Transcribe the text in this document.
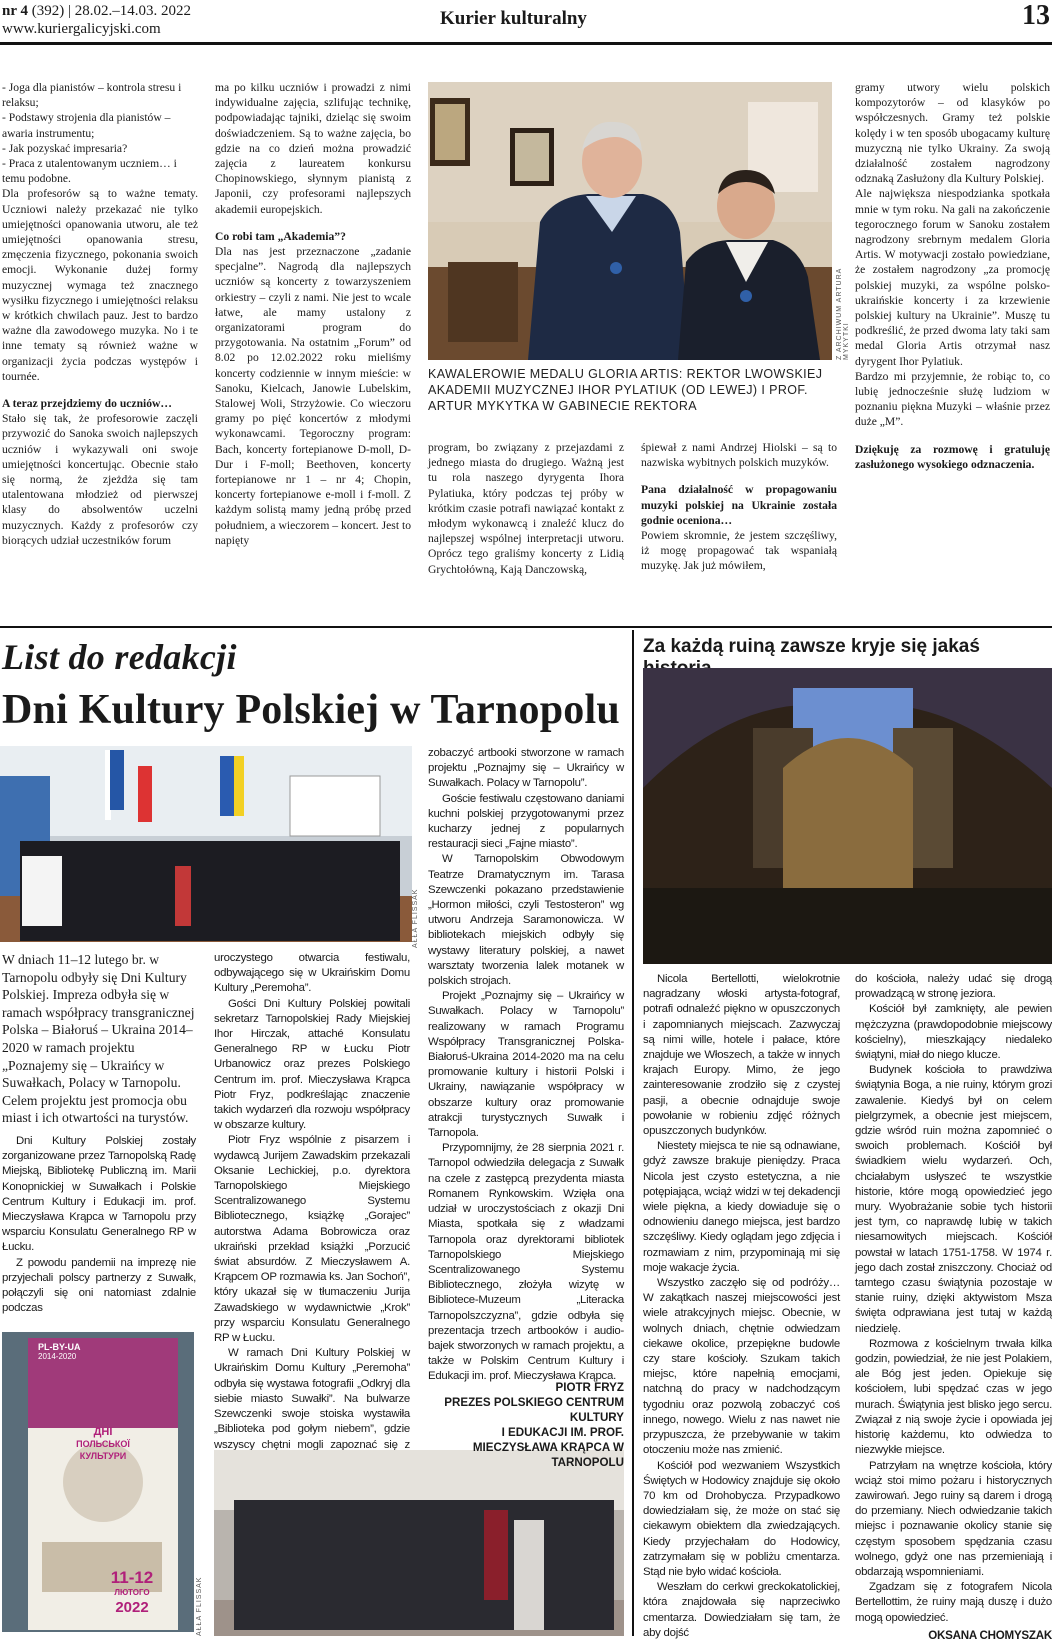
nr 4 (392) | 28.02.–14.03. 2022
www.kuriergalicyjski.com	Kurier kulturalny	13

- Joga dla pianistów – kontrola stresu i relaksu;

- Podstawy strojenia dla pianistów – awaria instrumentu;

- Jak pozyskać impresaria?

- Praca z utalentowanym uczniem… i temu podobne.

Dla profesorów są to ważne tematy. Uczniowi należy przekazać nie tylko umiejętności opanowania utworu, ale też umiejętności opanowania stresu, zmęczenia fizycznego, pokonania swoich emocji. Wykonanie dużej formy muzycznej wymaga też znacznego wysiłku fizycznego i umiejętności relaksu w krótkich chwilach pauz. Jest to bardzo ważne dla zawodowego muzyka. No i te inne tematy są również ważne w organizacji życia podczas występów i tournée.

A teraz przejdziemy do uczniów…

Stało się tak, że profesorowie zaczęli przywozić do Sanoka swoich najlepszych uczniów i wykazywali oni swoje umiejętności koncertując. Obecnie stało się normą, że zjeżdża się tam utalentowana młodzież od pierwszej klasy do absolwentów uczelni muzycznych. Każdy z profesorów czy biorących udział uczestników forum

ma po kilku uczniów i prowadzi z nimi indywidualne zajęcia, szlifując technikę, podpowiadając tajniki, dzieląc się swoim doświadczeniem. Są to ważne zajęcia, bo gdzie na co dzień można prowadzić zajęcia z laureatem konkursu Chopinowskiego, słynnym pianistą z Japonii, czy profesorami najlepszych akademii europejskich.

Co robi tam „Akademia”?

Dla nas jest przeznaczone „zadanie specjalne”. Nagrodą dla najlepszych uczniów są koncerty z towarzyszeniem orkiestry – czyli z nami. Nie jest to wcale łatwe, ale mamy ustalony z organizatorami program do przygotowania. Na ostatnim „Forum” od 8.02 po 12.02.2022 roku mieliśmy koncerty codziennie w innym mieście: w Sanoku, Kielcach, Janowie Lubelskim, Stalowej Woli, Strzyżowie. Co wieczoru gramy po pięć koncertów z młodymi wykonawcami. Tegoroczny program: Bach, koncerty fortepianowe D-moll, D-Dur i F-moll; Beethoven, koncerty fortepianowe nr 1 – nr 4; Chopin, koncerty fortepianowe e-moll i f-moll. Z każdym solistą mamy jedną próbę przed południem, a wieczorem – koncert. Jest to napięty

Z ARCHIWUM ARTURA MYKYTKI
KAWALEROWIE MEDALU GLORIA ARTIS: REKTOR LWOWSKIEJ AKADEMII MUZYCZNEJ IHOR PYLATIUK (OD LEWEJ) I PROF. ARTUR MYKYTKA W GABINECIE REKTORA

program, bo związany z przejazdami z jednego miasta do drugiego. Ważną jest tu rola naszego dyrygenta Ihora Pylatiuka, który podczas tej próby w krótkim czasie potrafi nawiązać kontakt z młodym wykonawcą i znaleźć klucz do najlepszej wspólnej interpretacji utworu. Oprócz tego graliśmy koncerty z Lidią Grychtołówną, Kają Danczowską,

śpiewał z nami Andrzej Hiolski – są to nazwiska wybitnych polskich muzyków.

Pana działalność w propagowaniu muzyki polskiej na Ukrainie została godnie oceniona…

Powiem skromnie, że jestem szczęśliwy, iż mogę propagować tak wspaniałą muzykę. Jak już mówiłem,

gramy utwory wielu polskich kompozytorów – od klasyków po współczesnych. Gramy też polskie kolędy i w ten sposób ubogacamy kulturę muzyczną nie tylko Ukrainy. Za swoją działalność zostałem nagrodzony odznaką Zasłużony dla Kultury Polskiej.

Ale największa niespodzianka spotkała mnie w tym roku. Na gali na zakończenie tegorocznego forum w Sanoku zostałem nagrodzony srebrnym medalem Gloria Artis. W motywacji zostało powiedziane, że zostałem nagrodzony „za promocję polskiej muzyki, za wspólne polsko-ukraińskie koncerty i za krzewienie polskiej kultury na Ukrainie”. Muszę tu podkreślić, że przed dwoma laty taki sam medal Gloria Artis otrzymał nasz dyrygent Ihor Pylatiuk.

Bardzo mi przyjemnie, że robiąc to, co lubię jednocześnie służę ludziom w poznaniu piękna Muzyki – właśnie przez duże „M”.

Dziękuję za rozmowę i gratuluję zasłużonego wysokiego odznaczenia.

List do redakcji
Dni Kultury Polskiej w Tarnopolu
AŁŁA FLISSAK
W dniach 11–12 lutego br. w Tarnopolu odbyły się Dni Kultury Polskiej. Impreza odbyła się w ramach współpracy transgranicznej Polska – Białoruś – Ukraina 2014–2020 w ramach projektu „Poznajemy się – Ukraińcy w Suwałkach, Polacy w Tarnopolu. Celem projektu jest promocja obu miast i ich otwartości na turystów.

Dni Kultury Polskiej zostały zorganizowane przez Tarnopolską Radę Miejską, Bibliotekę Publiczną im. Marii Konopnickiej w Suwałkach i Polskie Centrum Kultury i Edukacji im. prof. Mieczysława Krąpca w Tarnopolu przy wsparciu Konsulatu Generalnego RP w Łucku.

Z powodu pandemii na imprezę nie przyjechali polscy partnerzy z Suwałk, połączyli się oni natomiast zdalnie podczas

PL-BY-UA
2014-2020
ДНІ
ПОЛЬСЬКОЇ
КУЛЬТУРИ
11-12
ЛЮТОГО
2022	AŁŁA FLISSAK

uroczystego otwarcia festiwalu, odbywającego się w Ukraińskim Domu Kultury „Peremoha”.

Gości Dni Kultury Polskiej powitali sekretarz Tarnopolskiej Rady Miejskiej Ihor Hirczak, attaché Konsulatu Generalnego RP w Łucku Piotr Urbanowicz oraz prezes Polskiego Centrum im. prof. Mieczysława Krąpca Piotr Fryz, podkreślając znaczenie takich wydarzeń dla rozwoju współpracy w obszarze kultury.

Piotr Fryz wspólnie z pisarzem i wydawcą Jurijem Zawadskim przekazali Oksanie Lechickiej, p.o. dyrektora Tarnopolskiego Miejskiego Scentralizowanego Systemu Bibliotecznego, książkę „Gorajec” autorstwa Adama Bobrowicza oraz ukraiński przekład książki „Porzucić świat absurdów. Z Mieczysławem A. Krąpcem OP rozmawia ks. Jan Sochoń”, który ukazał się w tłumaczeniu Jurija Zawadskiego w wydawnictwie „Krok” przy wsparciu Konsulatu Generalnego RP w Łucku.

W ramach Dni Kultury Polskiej w Ukraińskim Domu Kultury „Peremoha” odbyła się wystawa fotografii „Odkryj dla siebie miasto Suwałki”. Na bulwarze Szewczenki swoje stoiska wystawiła „Biblioteka pod gołym niebem”, gdzie wszyscy chętni mogli zapoznać się z

zobaczyć artbooki stworzone w ramach projektu „Poznajmy się – Ukraińcy w Suwałkach. Polacy w Tarnopolu”.

Goście festiwalu częstowano daniami kuchni polskiej przygotowanymi przez kucharzy jednej z popularnych restauracji sieci „Fajne miasto”.

W Tarnopolskim Obwodowym Teatrze Dramatycznym im. Tarasa Szewczenki pokazano przedstawienie „Hormon miłości, czyli Testosteron” wg utworu Andrzeja Saramonowicza. W bibliotekach miejskich odbyły się wystawy literatury polskiej, a nawet warsztaty tworzenia lalek motanek w polskich strojach.

Projekt „Poznajmy się – Ukraińcy w Suwałkach. Polacy w Tarnopolu” realizowany w ramach Programu Współpracy Transgranicznej Polska-Białoruś-Ukraina 2014-2020 ma na celu promowanie kultury i historii Polski i Ukrainy, nawiązanie współpracy w obszarze kultury oraz promowanie atrakcji turystycznych Suwałk i Tarnopola.

Przypomnijmy, że 28 sierpnia 2021 r. Tarnopol odwiedziła delegacja z Suwałk na czele z zastępcą prezydenta miasta Romanem Rynkowskim. Wzięła ona udział w uroczystościach z okazji Dni Miasta, spotkała się z władzami Tarnopola oraz dyrektorami bibliotek Tarnopolskiego Miejskiego Scentralizowanego Systemu Bibliotecznego, złożyła wizytę w Bibliotece-Muzeum „Literacka Tarnopolszczyzna”, gdzie odbyła się prezentacja trzech artbooków i audio-bajek stworzonych w ramach projektu, a także w Polskim Centrum Kultury i Edukacji im. prof. Mieczysława Krąpca.

PIOTR FRYZ
PREZES POLSKIEGO CENTRUM KULTURY
I EDUKACJI IM. PROF.
MIECZYSŁAWA KRĄPCA W TARNOPOLU
Za każdą ruiną zawsze kryje się jakaś

Nicola Bertellotti, wielokrotnie nagradzany włoski artysta-fotograf, potrafi odnaleźć piękno w opuszczonych i zapomnianych miejscach. Zazwyczaj są nimi wille, hotele i pałace, które znajduje we Włoszech, a także w innych krajach Europy. Mimo, że jego zainteresowanie zrodziło się z czystej pasji, a obecnie odnajduje swoje powołanie w robieniu zdjęć różnych opuszczonych budynków.

Niestety miejsca te nie są odnawiane, gdyż zawsze brakuje pieniędzy. Praca Nicola jest czysto estetyczna, a nie potępiająca, wciąż widzi w tej dekadencji wiele piękna, a kiedy dowiaduje się o odnowieniu danego miejsca, jest bardzo szczęśliwy. Kiedy oglądam jego zdjęcia i rozmawiam z nim, przypominają mi się moje wakacje życia.

Wszystko zaczęło się od podróży… W zakątkach naszej miejscowości jest wiele atrakcyjnych miejsc. Obecnie, w wolnych dniach, chętnie odwiedzam ciekawe okolice, przepiękne budowle czy stare kościoły. Szukam takich miejsc, które napełnią emocjami, natchną do pracy w nadchodzącym tygodniu oraz pozwolą zobaczyć coś innego, nowego. Wielu z nas nawet nie przypuszcza, że przebywanie w takim otoczeniu może nas zmienić.

Kościół pod wezwaniem Wszystkich Świętych w Hodowicy znajduje się około 70 km od Drohobycza. Przypadkowo dowiedziałam się, że może on stać się ciekawym obiektem dla zwiedzających. Kiedy przyjechałam do Hodowicy, zatrzymałam się w pobliżu cmentarza. Stąd nie było widać kościoła.

Weszłam do cerkwi greckokatolickiej, która znajdowała się naprzeciwko cmentarza. Dowiedziałam się tam, że aby dojść

do kościoła, należy udać się drogą prowadzącą w stronę jeziora.

Kościół był zamknięty, ale pewien mężczyzna (prawdopodobnie miejscowy kościelny), mieszkający niedaleko świątyni, miał do niego klucze.

Budynek kościoła to prawdziwa świątynia Boga, a nie ruiny, którym grozi zawalenie. Kiedyś był on celem pielgrzymek, a obecnie jest miejscem, gdzie wśród ruin można zapomnieć o swoich problemach. Kościół był świadkiem wielu wydarzeń. Och, chciałabym usłyszeć te wszystkie historie, które mogą opowiedzieć jego mury. Wyobrażanie sobie tych historii jest tym, co naprawdę lubię w takich niesamowitych miejscach. Kościół powstał w latach 1751-1758. W 1974 r. jego dach został zniszczony. Chociaż od tamtego czasu świątynia pozostaje w stanie ruiny, dzięki aktywistom Msza święta odprawiana jest tutaj w każdą niedzielę.

Rozmowa z kościelnym trwała kilka godzin, powiedział, że nie jest Polakiem, ale Bóg jest jeden. Opiekuje się kościołem, lubi spędzać czas w jego murach. Świątynia jest blisko jego sercu. Związał z nią swoje życie i opowiada jej historię każdemu, kto odwiedza to niezwykłe miejsce.

Patrzyłam na wnętrze kościoła, który wciąż stoi mimo pożaru i historycznych zawirowań. Jego ruiny są darem i drogą do przemiany. Niech odwiedzanie takich miejsc i poznawanie okolicy stanie się częstym sposobem spędzania czasu wolnego, gdyż one nas przemieniają i obdarzają wspomnieniami.

Zgadzam się z fotografem Nicola Bertellottim, że ruiny mają duszę i dużo mogą opowiedzieć.

OKSANA CHOMYSZAK
